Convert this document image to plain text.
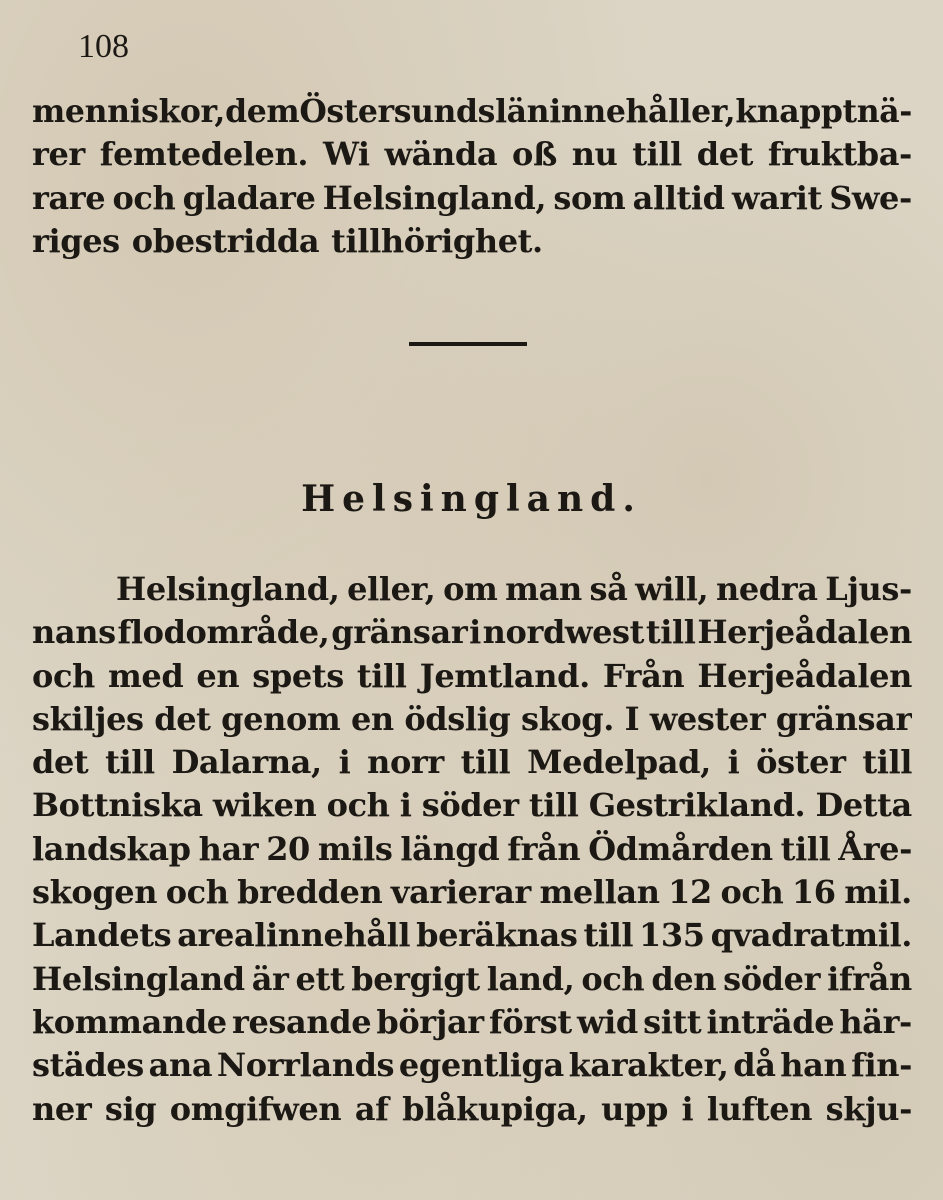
108
menniskor, dem Östersunds län innehåller, knappt nä-
rer femtedelen. Wi wända oß nu till det fruktba-
rare och gladare Helsingland, som alltid warit Swe-
riges obestridda tillhörighet.
Helsingland.
Helsingland, eller, om man så will, nedra Ljus-
nans flodområde, gränsar i nordwest till Herjeådalen
och med en spets till Jemtland. Från Herjeådalen
skiljes det genom en ödslig skog. I wester gränsar
det till Dalarna, i norr till Medelpad, i öster till
Bottniska wiken och i söder till Gestrikland. Detta
landskap har 20 mils längd från Ödmården till Åre-
skogen och bredden varierar mellan 12 och 16 mil.
Landets arealinnehåll beräknas till 135 qvadratmil.
Helsingland är ett bergigt land, och den söder ifrån
kommande resande börjar först wid sitt inträde här-
städes ana Norrlands egentliga karakter, då han fin-
ner sig omgifwen af blåkupiga, upp i luften skju-
